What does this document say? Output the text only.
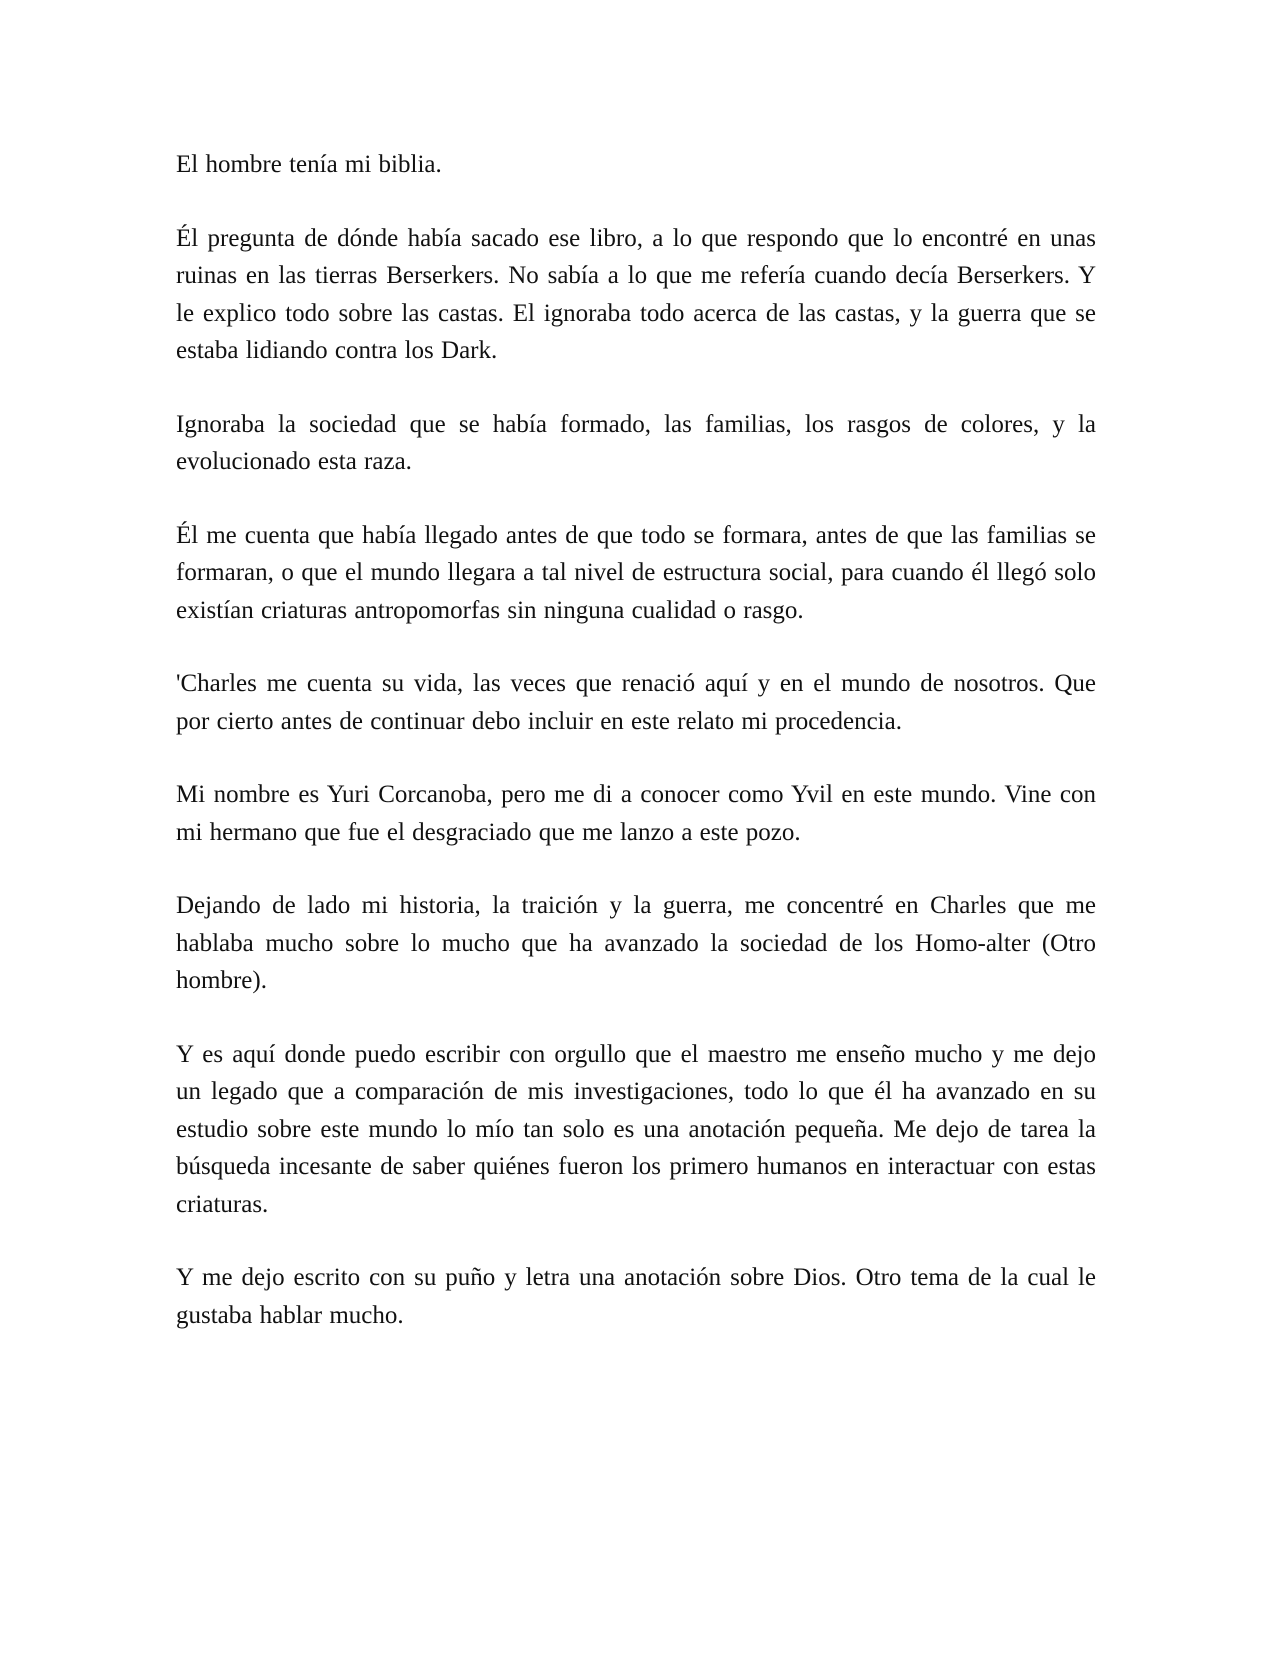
El hombre tenía mi biblia.

Él pregunta de dónde había sacado ese libro, a lo que respondo que lo encontré en unas ruinas en las tierras Berserkers. No sabía a lo que me refería cuando decía Berserkers. Y le explico todo sobre las castas. El ignoraba todo acerca de las castas, y la guerra que se estaba lidiando contra los Dark.

Ignoraba la sociedad que se había formado, las familias, los rasgos de colores, y la evolucionado esta raza.

Él me cuenta que había llegado antes de que todo se formara, antes de que las familias se formaran, o que el mundo llegara a tal nivel de estructura social, para cuando él llegó solo existían criaturas antropomorfas sin ninguna cualidad o rasgo.

'Charles me cuenta su vida, las veces que renació aquí y en el mundo de nosotros. Que por cierto antes de continuar debo incluir en este relato mi procedencia.

Mi nombre es Yuri Corcanoba, pero me di a conocer como Yvil en este mundo. Vine con mi hermano que fue el desgraciado que me lanzo a este pozo.

Dejando de lado mi historia, la traición y la guerra, me concentré en Charles que me hablaba mucho sobre lo mucho que ha avanzado la sociedad de los Homo-alter (Otro hombre).

Y es aquí donde puedo escribir con orgullo que el maestro me enseño mucho y me dejo un legado que a comparación de mis investigaciones, todo lo que él ha avanzado en su estudio sobre este mundo lo mío tan solo es una anotación pequeña. Me dejo de tarea la búsqueda incesante de saber quiénes fueron los primero humanos en interactuar con estas criaturas.

Y me dejo escrito con su puño y letra una anotación sobre Dios. Otro tema de la cual le gustaba hablar mucho.
